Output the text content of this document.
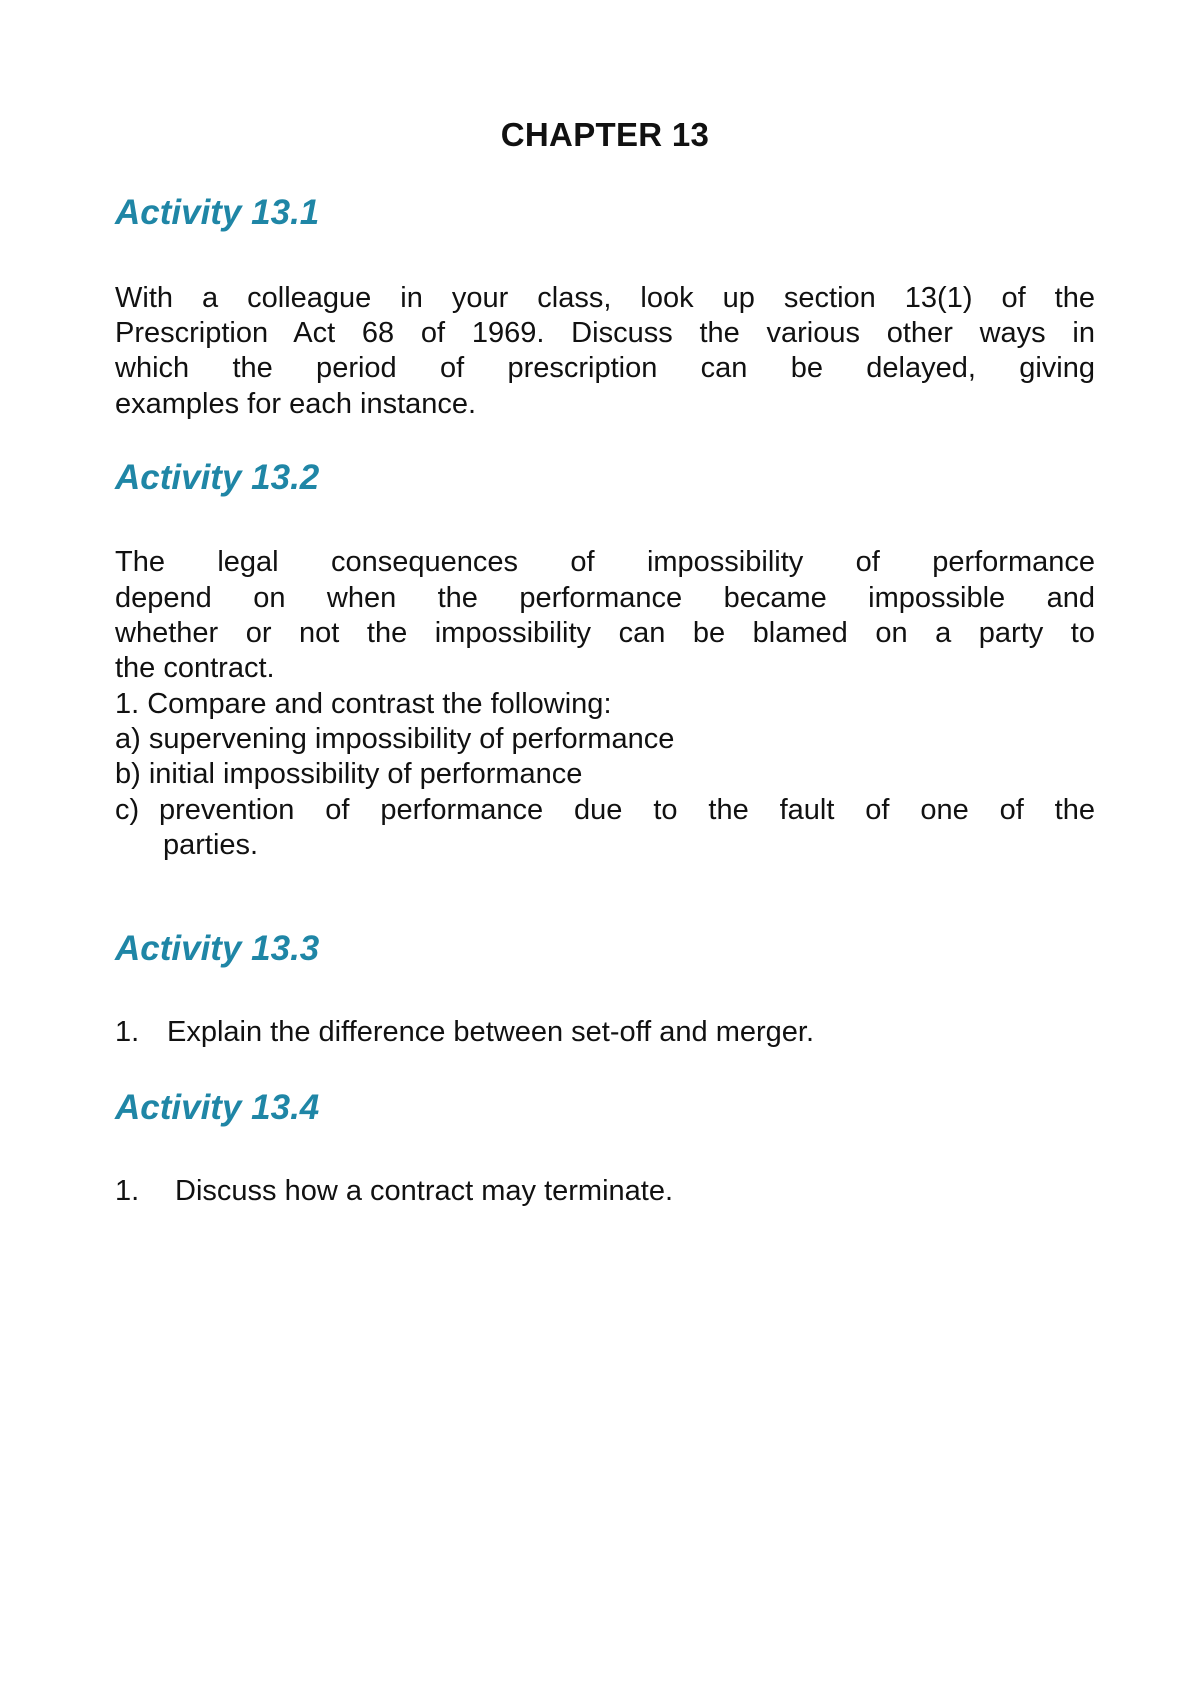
CHAPTER 13
Activity 13.1
With a colleague in your class, look up section 13(1) of the
Prescription Act 68 of 1969. Discuss the various other ways in
which the period of prescription can be delayed, giving
examples for each instance.
Activity 13.2
The legal consequences of impossibility of performance
depend on when the performance became impossible and
whether or not the impossibility can be blamed on a party to
the contract.
1. Compare and contrast the following:
a) supervening impossibility of performance
b) initial impossibility of performance
c) prevention of performance due to the fault of one of the
parties.
Activity 13.3
1. Explain the difference between set-off and merger.
Activity 13.4
1. Discuss how a contract may terminate.
